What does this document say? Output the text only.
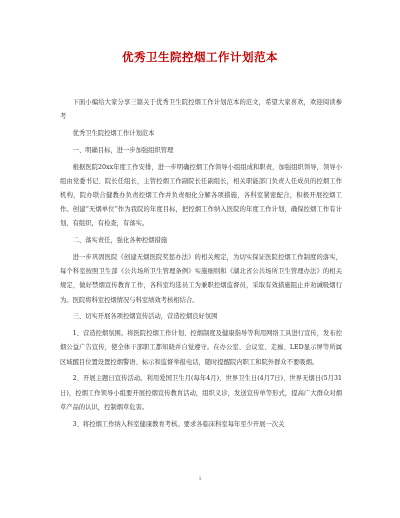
优秀卫生院控烟工作计划范本

下面小编给大家分享三篇关于优秀卫生院控烟工作计划范本的范文，希望大家喜欢，欢迎阅读参考

优秀卫生院控烟工作计划范本

一、明确目标，进一步加强组织管理

根据医院20xx年度工作安排，进一步明确控烟工作领导小组组成和职责，加强组织领导，领导小组由党委书记、院长任组长，主管控烟工作副院长任副组长，相关职能部门负责人任成员的控烟工作机构，院办联合健教办负责控烟工作并负责细化分解各项措施，各科室紧密配合，积极开展控烟工作。创建“无烟单位”作为我院的年度目标，把控烟工作纳入医院的年度工作计划，确保控烟工作有计划，有组织，有检查，有落实。

二、落实责任，强化各种控烟措施

进一步巩固医院《创建无烟医院奖惩办法》的相关规定，为切实保证医院控烟工作制度的落实，每个科室按照卫生部《公共场所卫生管理条例》实施细则和《湖北省公共场所卫生管理办法》的相关规定，做好禁烟宣传教育工作，各科室均选员工为兼职控烟监督员，采取有效措施阻止并劝诫吸烟行为。医院将科室控烟情况与科室绩效考核相结合。

三、切实开展各项控烟宣传活动，营造控烟良好氛围

1、营造控烟氛围。将医院控烟工作计划、控烟制度及健康指导等利用网络工具进行宣传，发布控烟公益广告宣传，使全体干部职工都知晓并自觉遵守。在办公室、会议室、走廊、LED显示屏等所属区域醒目位置设置控烟警语、标示和监督举报电话，随时提醒院内职工和院外群众不要吸烟。

2、开展主题日宣传活动。利用爱国卫生月(每年4月)、世界卫生日(4月7日)、世界无烟日(5月31日)，控烟工作领导小组要开展控烟宣传教育活动，组织义诊，发送宣传单等形式，提高广大群众对烟草产品的认识，控制烟草危害。

3、将控烟工作纳入科室健康教育考核。要求各临床科室每年至少开展一次关

1
